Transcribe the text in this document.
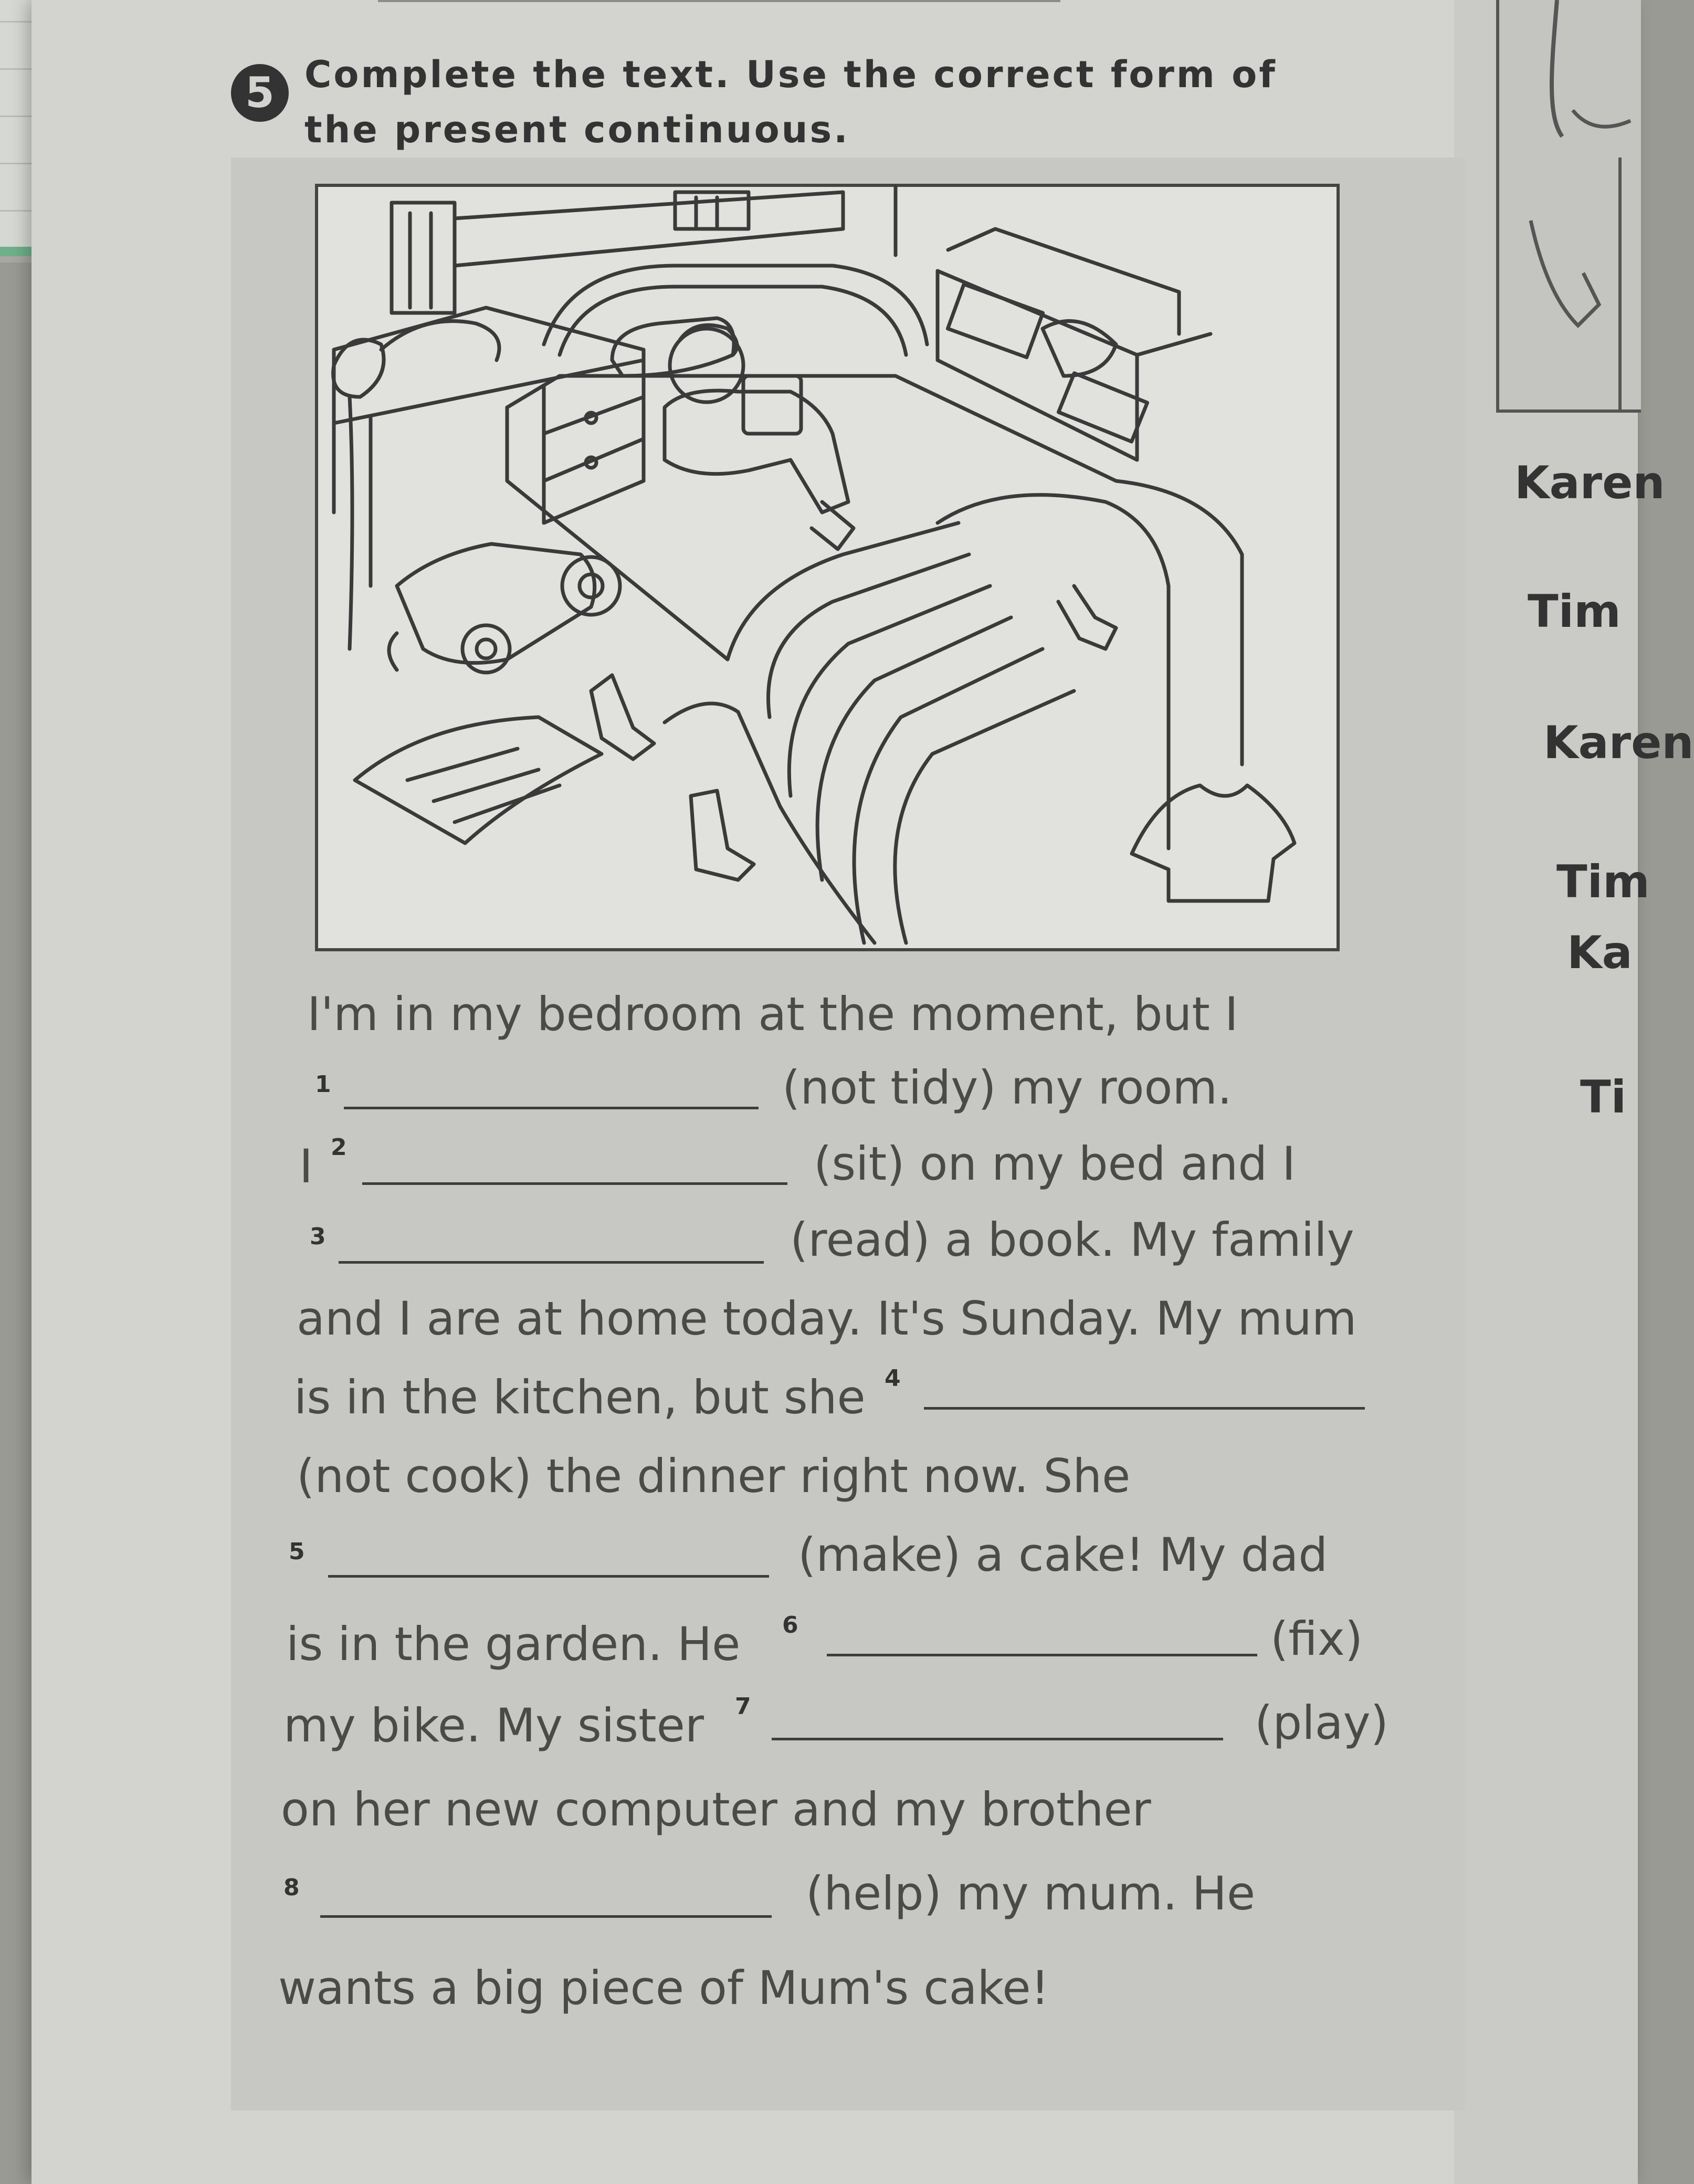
Karen
Tim
Karen
Tim
Ka
Ti
5 Complete the text. Use the correct form of
the present continuous.
I'm in my bedroom at the moment, but I
1	(not tidy) my room.
I 2	(sit) on my bed and I
3	(read) a book. My family
and I are at home today. It's Sunday. My mum
is in the kitchen, but she 4
(not cook) the dinner right now. She
5	(make) a cake! My dad
is in the garden. He 6	(fix)
my bike. My sister 7	(play)
on her new computer and my brother
8	(help) my mum. He
wants a big piece of Mum's cake!
